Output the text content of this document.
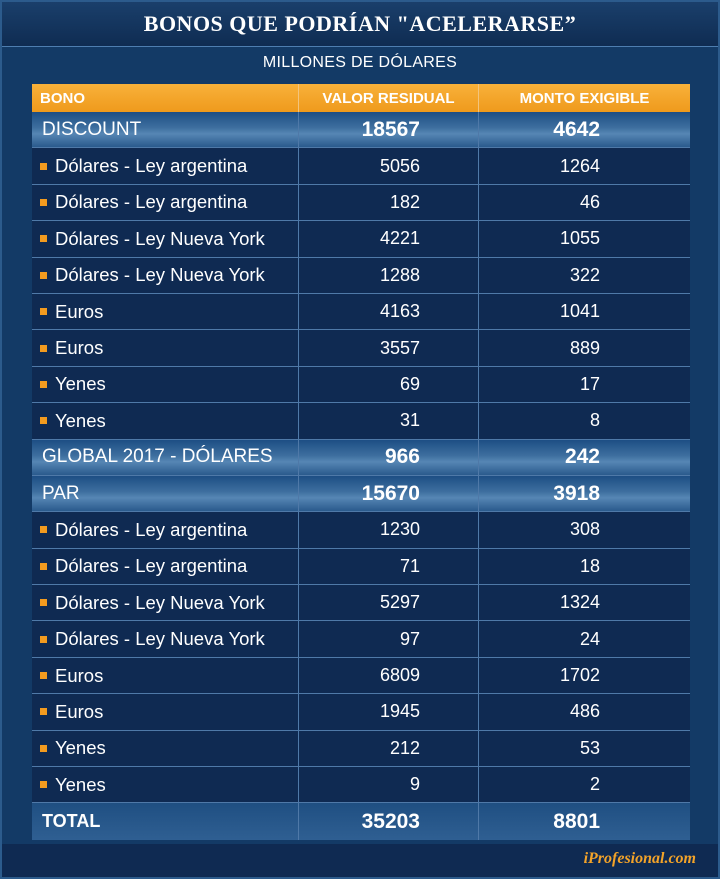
BONOS QUE PODRÍAN "ACELERARSE”
MILLONES DE DÓLARES
BONO	VALOR RESIDUAL	MONTO EXIGIBLE
DISCOUNT	18567	4642
Dólares - Ley argentina	5056	1264
Dólares - Ley argentina	182	46
Dólares - Ley Nueva York	4221	1055
Dólares - Ley Nueva York	1288	322
Euros	4163	1041
Euros	3557	889
Yenes	69	17
Yenes	31	8
GLOBAL 2017 - DÓLARES	966	242
PAR	15670	3918
Dólares - Ley argentina	1230	308
Dólares - Ley argentina	71	18
Dólares - Ley Nueva York	5297	1324
Dólares - Ley Nueva York	97	24
Euros	6809	1702
Euros	1945	486
Yenes	212	53
Yenes	9	2
TOTAL	35203	8801
iProfesional.com
